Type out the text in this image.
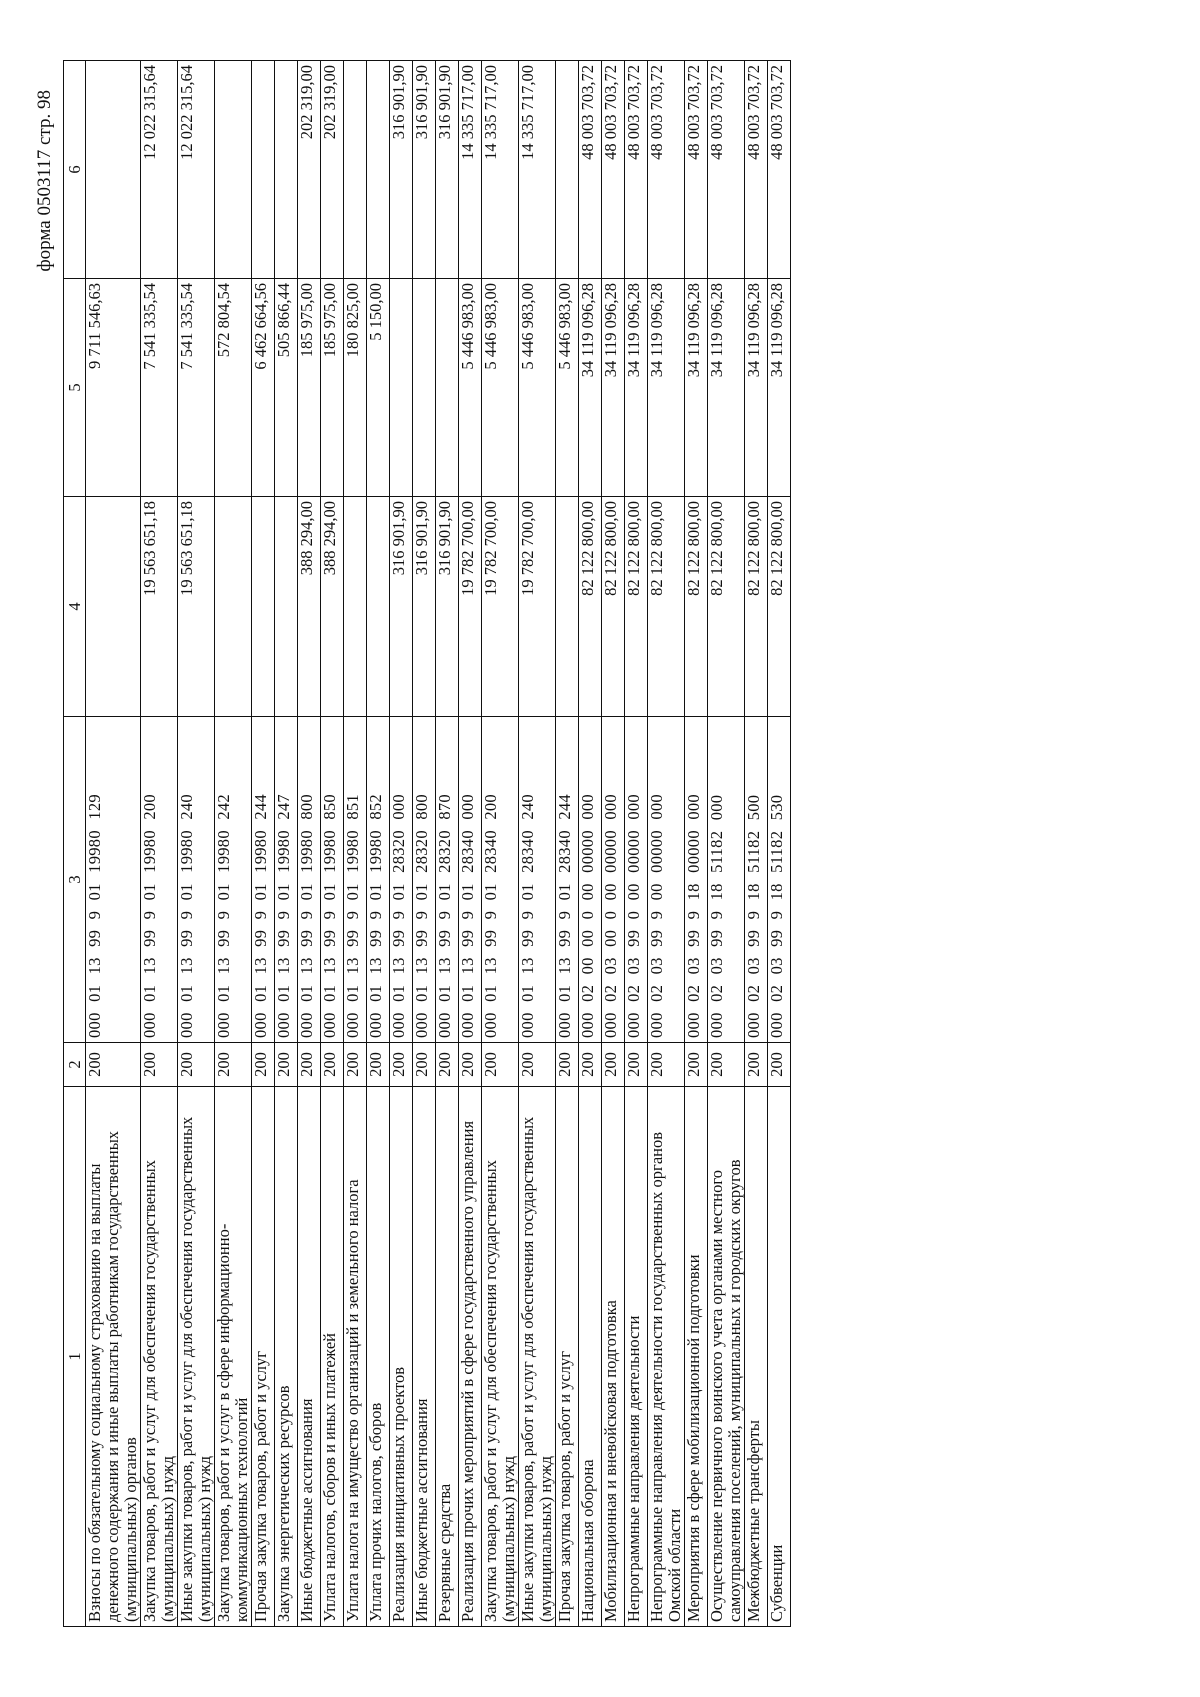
форма 0503117 стр. 98
1	2	3	4	5	6
Взносы по обязательному социальному страхованию на выплаты денежного содержания и иные выплаты работникам государственных (муниципальных) органов	200	000 01 13 99 9 01 19980 129		9 711 546,63	
Закупка товаров, работ и услуг для обеспечения государственных (муниципальных) нужд	200	000 01 13 99 9 01 19980 200	19 563 651,18	7 541 335,54	12 022 315,64
Иные закупки товаров, работ и услуг для обеспечения государственных (муниципальных) нужд	200	000 01 13 99 9 01 19980 240	19 563 651,18	7 541 335,54	12 022 315,64
Закупка товаров, работ и услуг в сфере информационно-коммуникационных технологий	200	000 01 13 99 9 01 19980 242		572 804,54	
Прочая закупка товаров, работ и услуг	200	000 01 13 99 9 01 19980 244		6 462 664,56	
Закупка энергетических ресурсов	200	000 01 13 99 9 01 19980 247		505 866,44	
Иные бюджетные ассигнования	200	000 01 13 99 9 01 19980 800	388 294,00	185 975,00	202 319,00
Уплата налогов, сборов и иных платежей	200	000 01 13 99 9 01 19980 850	388 294,00	185 975,00	202 319,00
Уплата налога на имущество организаций и земельного налога	200	000 01 13 99 9 01 19980 851		180 825,00	
Уплата прочих налогов, сборов	200	000 01 13 99 9 01 19980 852		5 150,00	
Реализация инициативных проектов	200	000 01 13 99 9 01 28320 000	316 901,90		316 901,90
Иные бюджетные ассигнования	200	000 01 13 99 9 01 28320 800	316 901,90		316 901,90
Резервные средства	200	000 01 13 99 9 01 28320 870	316 901,90		316 901,90
Реализация прочих мероприятий в сфере государственного управления	200	000 01 13 99 9 01 28340 000	19 782 700,00	5 446 983,00	14 335 717,00
Закупка товаров, работ и услуг для обеспечения государственных (муниципальных) нужд	200	000 01 13 99 9 01 28340 200	19 782 700,00	5 446 983,00	14 335 717,00
Иные закупки товаров, работ и услуг для обеспечения государственных (муниципальных) нужд	200	000 01 13 99 9 01 28340 240	19 782 700,00	5 446 983,00	14 335 717,00
Прочая закупка товаров, работ и услуг	200	000 01 13 99 9 01 28340 244		5 446 983,00	
Национальная оборона	200	000 02 00 00 0 00 00000 000	82 122 800,00	34 119 096,28	48 003 703,72
Мобилизационная и вневойсковая подготовка	200	000 02 03 00 0 00 00000 000	82 122 800,00	34 119 096,28	48 003 703,72
Непрограммные направления деятельности	200	000 02 03 99 0 00 00000 000	82 122 800,00	34 119 096,28	48 003 703,72
Непрограммные направления деятельности государственных органов Омской области	200	000 02 03 99 9 00 00000 000	82 122 800,00	34 119 096,28	48 003 703,72
Мероприятия в сфере мобилизационной подготовки	200	000 02 03 99 9 18 00000 000	82 122 800,00	34 119 096,28	48 003 703,72
Осуществление первичного воинского учета органами местного самоуправления поселений, муниципальных и городских округов	200	000 02 03 99 9 18 51182 000	82 122 800,00	34 119 096,28	48 003 703,72
Межбюджетные трансферты	200	000 02 03 99 9 18 51182 500	82 122 800,00	34 119 096,28	48 003 703,72
Субвенции	200	000 02 03 99 9 18 51182 530	82 122 800,00	34 119 096,28	48 003 703,72
